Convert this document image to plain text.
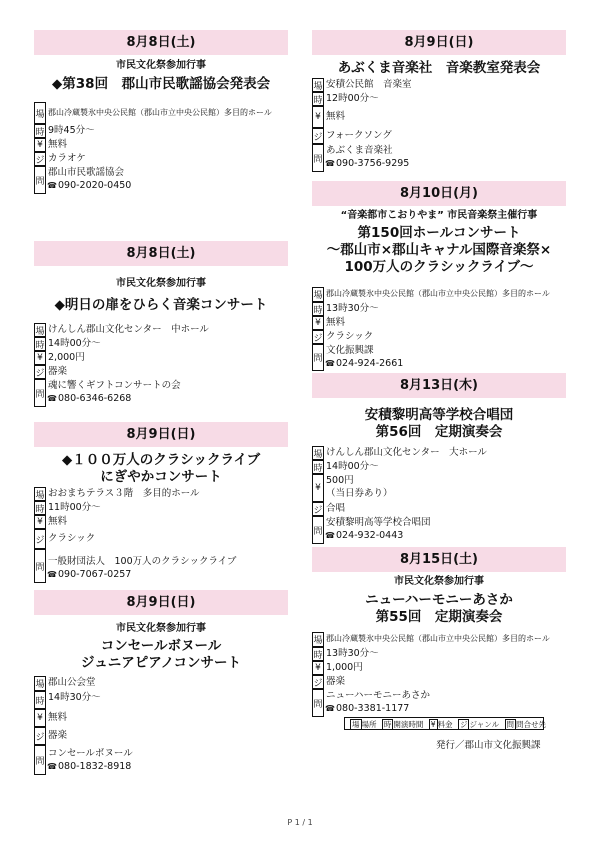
8月8日(土)
市民文化祭参加行事
◆第38回　郡山市民歌謡協会発表会
場 郡山冷蔵製氷中央公民館（郡山市立中央公民館）多目的ホール
時 9時45分～
¥ 無料
ジ カラオケ
問
郡山市民歌謡協会
☎090-2020-0450
8月8日(土)
市民文化祭参加行事
◆明日の扉をひらく音楽コンサート
場 けんしん郡山文化センター　中ホール
時 14時00分～
¥ 2,000円
ジ 器楽
問
魂に響くギフトコンサートの会
☎080-6346-6268
8月9日(日)
◆１００万人のクラシックライブ
にぎやかコンサート
場 おおまちテラス３階　多目的ホール
時 11時00分～
¥ 無料
ジ クラシック
問
一般財団法人　100万人のクラシックライブ
☎090-7067-0257
8月9日(日)
市民文化祭参加行事
コンセールボヌール
ジュニアピアノコンサート
場 郡山公会堂
時 14時30分～
¥ 無料
ジ 器楽
問
コンセールボヌール
☎080-1832-8918
8月9日(日)
あぶくま音楽社　音楽教室発表会
場 安積公民館　音楽室
時 12時00分～
¥ 無料
ジ フォークソング
問
あぶくま音楽社
☎090-3756-9295
8月10日(月)
“音楽都市こおりやま” 市民音楽祭主催行事
第150回ホールコンサート
～郡山市×郡山キャナル国際音楽祭×
100万人のクラシックライブ～
場 郡山冷蔵製氷中央公民館（郡山市立中央公民館）多目的ホール
時 13時30分～
¥ 無料
ジ クラシック
問
文化振興課
☎024-924-2661
8月13日(木)
安積黎明高等学校合唱団
第56回　定期演奏会
場 けんしん郡山文化センター　大ホール
時 14時00分～
¥
500円
（当日券あり）
ジ 合唱
問
安積黎明高等学校合唱団
☎024-932-0443
8月15日(土)
市民文化祭参加行事
ニューハーモニーあさか
第55回　定期演奏会
場 郡山冷蔵製氷中央公民館（郡山市立中央公民館）多目的ホール
時 13時30分～
¥ 1,000円
ジ 器楽
問
ニューハーモニーあさか
☎080-3381-1177
場 場所 時 開演時間 ¥ 料金 ジ ジャンル 問 問合せ先
発行／郡山市文化振興課
P 1 / 1
